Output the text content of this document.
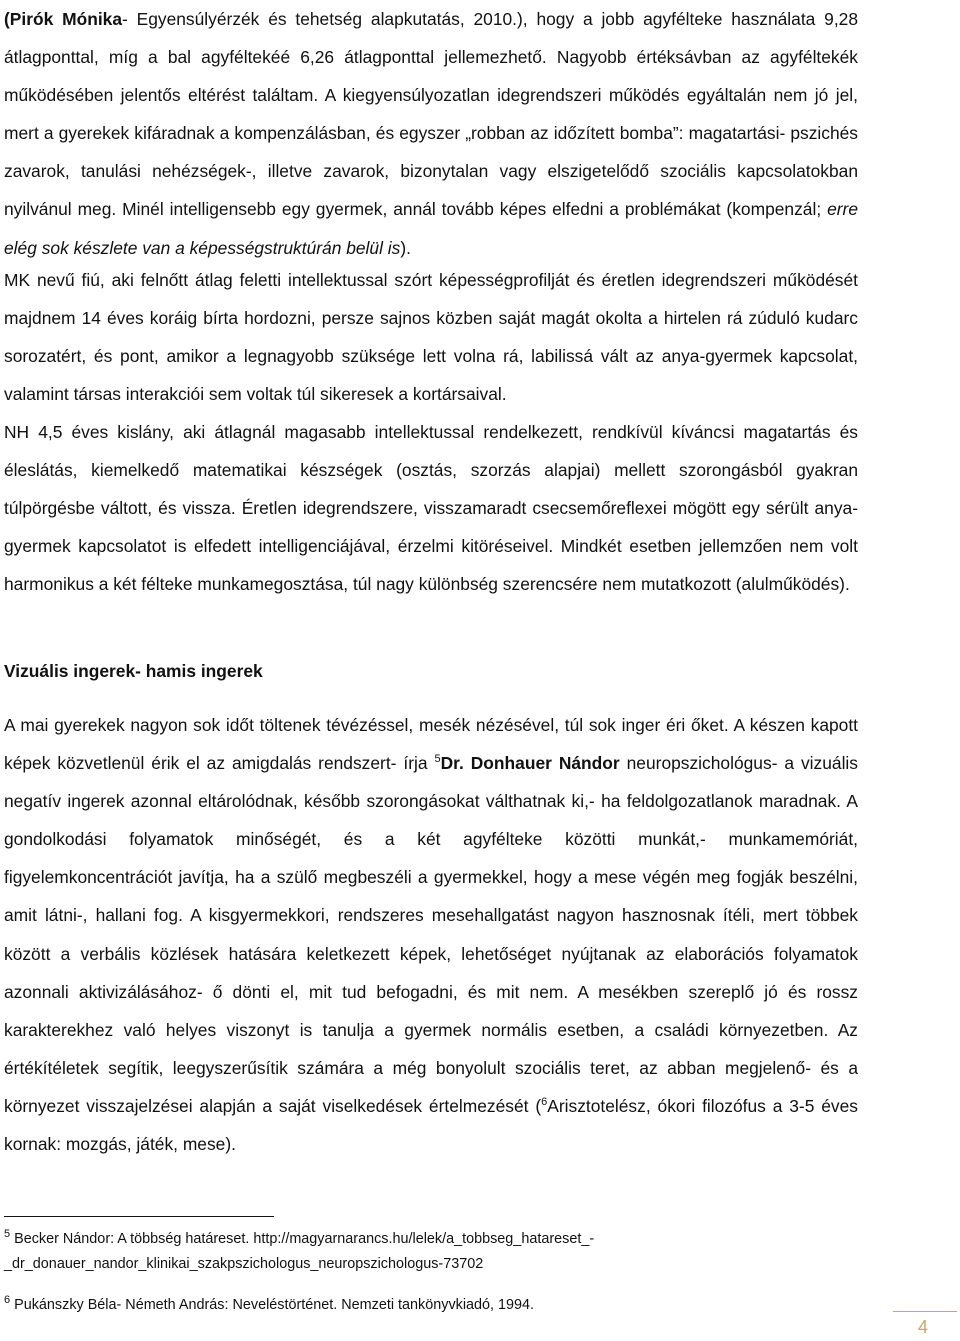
(Pirók Mónika- Egyensúlyérzék és tehetség alapkutatás, 2010.), hogy a jobb agyfélteke használata 9,28 átlagponttal, míg a bal agyféltekéé 6,26 átlagponttal jellemezhető. Nagyobb értéksávban az agyféltekék működésében jelentős eltérést találtam. A kiegyensúlyozatlan idegrendszeri működés egyáltalán nem jó jel, mert a gyerekek kifáradnak a kompenzálásban, és egyszer „robban az időzített bomba”: magatartási- pszichés zavarok, tanulási nehézségek-, illetve zavarok, bizonytalan vagy elszigetelődő szociális kapcsolatokban nyilvánul meg. Minél intelligensebb egy gyermek, annál tovább képes elfedni a problémákat (kompenzál; erre elég sok készlete van a képességstruktúrán belül is).

MK nevű fiú, aki felnőtt átlag feletti intellektussal szórt képességprofilját és éretlen idegrendszeri működését majdnem 14 éves koráig bírta hordozni, persze sajnos közben saját magát okolta a hirtelen rá zúduló kudarc sorozatért, és pont, amikor a legnagyobb szüksége lett volna rá, labilissá vált az anya-gyermek kapcsolat, valamint társas interakciói sem voltak túl sikeresek a kortársaival.

NH 4,5 éves kislány, aki átlagnál magasabb intellektussal rendelkezett, rendkívül kíváncsi magatartás és éleslátás, kiemelkedő matematikai készségek (osztás, szorzás alapjai) mellett szorongásból gyakran túlpörgésbe váltott, és vissza. Éretlen idegrendszere, visszamaradt csecsemőreflexei mögött egy sérült anya- gyermek kapcsolatot is elfedett intelligenciájával, érzelmi kitöréseivel. Mindkét esetben jellemzően nem volt harmonikus a két félteke munkamegosztása, túl nagy különbség szerencsére nem mutatkozott (alulműködés).

Vizuális ingerek- hamis ingerek

A mai gyerekek nagyon sok időt töltenek tévézéssel, mesék nézésével, túl sok inger éri őket. A készen kapott képek közvetlenül érik el az amigdalás rendszert- írja $^5$Dr. Donhauer Nándor neuropszichológus- a vizuális negatív ingerek azonnal eltárolódnak, később szorongásokat válthatnak ki,- ha feldolgozatlanok maradnak. A gondolkodási folyamatok minőségét, és a két agyfélteke közötti munkát,- munkamemóriát, figyelemkoncentrációt javítja, ha a szülő megbeszéli a gyermekkel, hogy a mese végén meg fogják beszélni, amit látni-, hallani fog. A kisgyermekkori, rendszeres mesehallgatást nagyon hasznosnak ítéli, mert többek között a verbális közlések hatására keletkezett képek, lehetőséget nyújtanak az elaborációs folyamatok azonnali aktivizálásához- ő dönti el, mit tud befogadni, és mit nem. A mesékben szereplő jó és rossz karakterekhez való helyes viszonyt is tanulja a gyermek normális esetben, a családi környezetben. Az értékítéletek segítik, leegyszerűsítik számára a még bonyolult szociális teret, az abban megjelenő- és a környezet visszajelzései alapján a saját viselkedések értelmezését ($^6$Arisztotelész, ókori filozófus a 3-5 éves kornak: mozgás, játék, mese).

$^5$ Becker Nándor: A többség határeset. http://magyarnarancs.hu/lelek/a_tobbseg_hatareset_-_dr_donauer_nandor_klinikai_szakpszichologus_neuropszichologus-73702

$^6$ Pukánszky Béla- Németh András: Neveléstörténet. Nemzeti tankönyvkiadó, 1994.

4
